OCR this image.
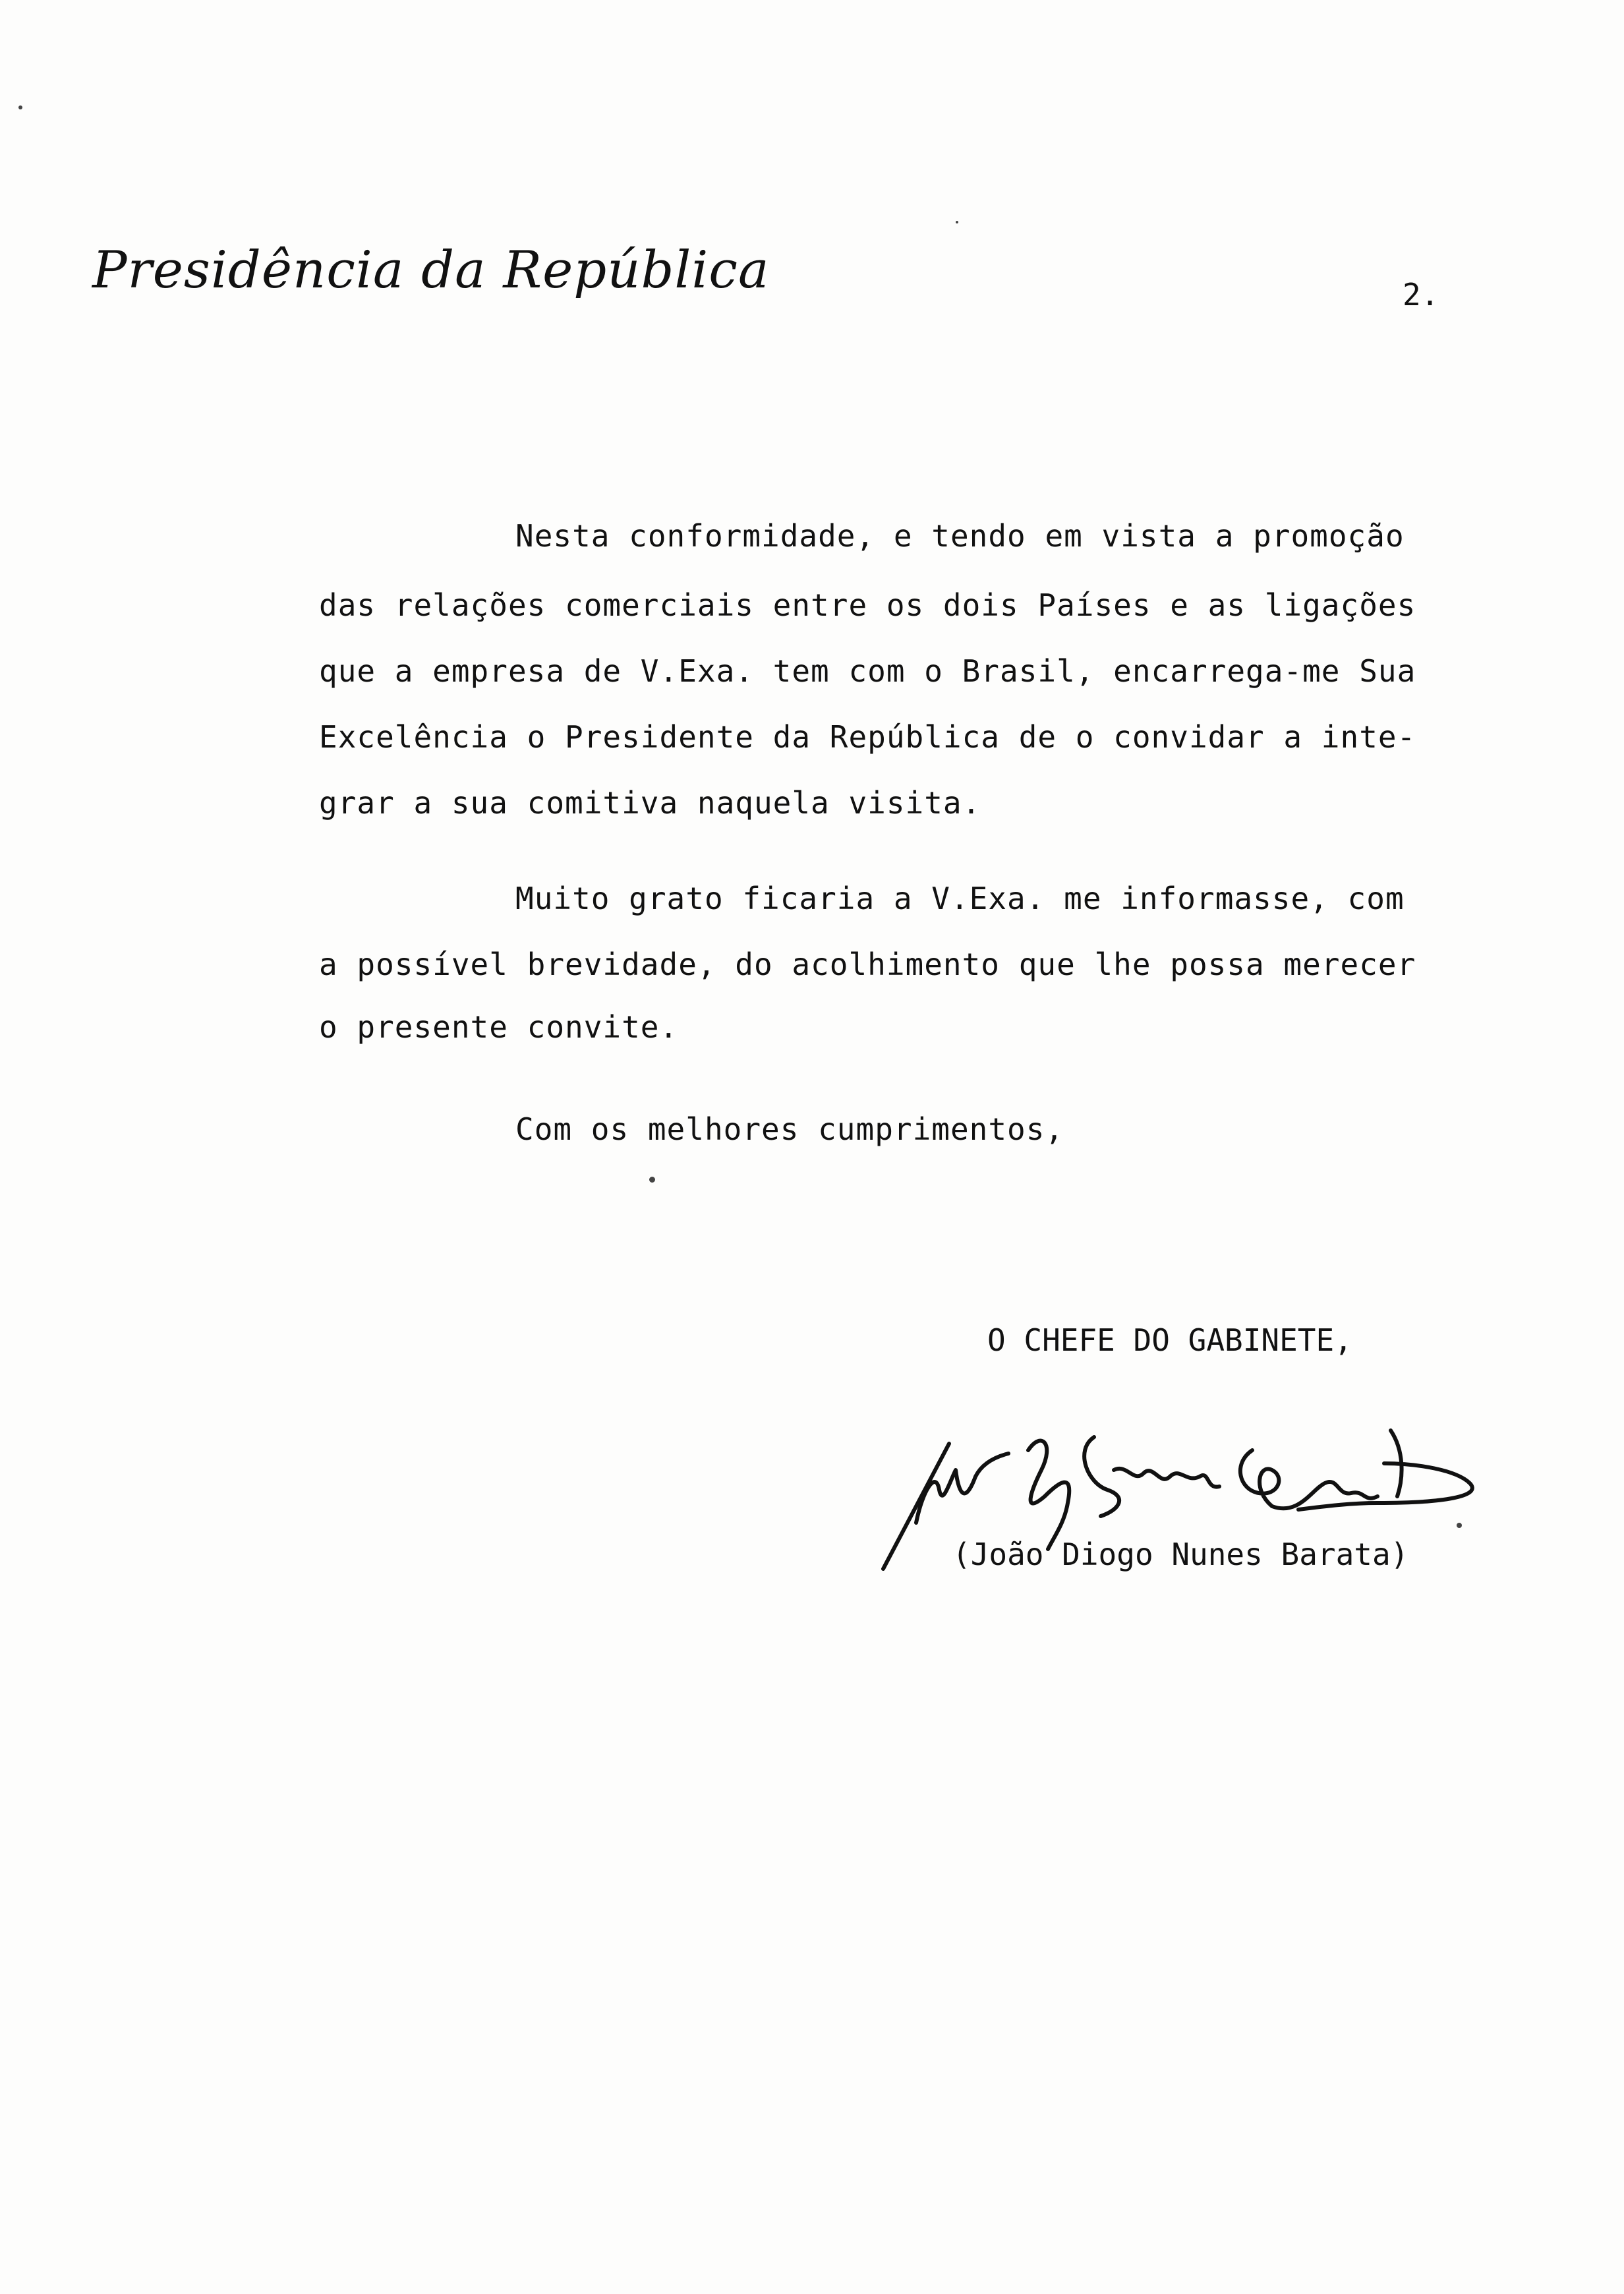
Presidência da República	2.
Nesta conformidade, e tendo em vista a promoção
das relações comerciais entre os dois Países e as ligações
que a empresa de V.Exa. tem com o Brasil, encarrega-me Sua
Excelência o Presidente da República de o convidar a inte-
grar a sua comitiva naquela visita.
Muito grato ficaria a V.Exa. me informasse, com
a possível brevidade, do acolhimento que lhe possa merecer
o presente convite.
Com os melhores cumprimentos,
O CHEFE DO GABINETE,
(João Diogo Nunes Barata)
